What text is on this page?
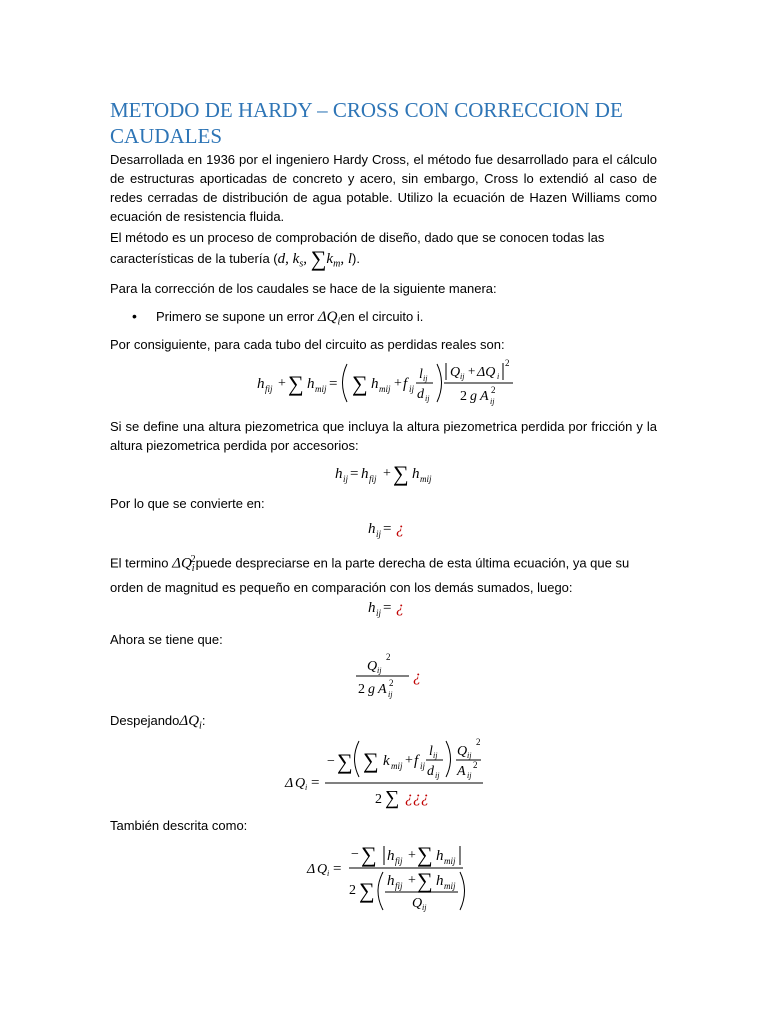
METODO DE HARDY – CROSS CON CORRECCION DE CAUDALES
Desarrollada en 1936 por el ingeniero Hardy Cross, el método fue desarrollado para el cálculo de estructuras aporticadas de concreto y acero, sin embargo, Cross lo extendió al caso de redes cerradas de distribución de agua potable. Utilizo la ecuación de Hazen Williams como ecuación de resistencia fluida.
El método es un proceso de comprobación de diseño, dado que se conocen todas las
características de la tubería (d, $k_s$, $\sum k_m$, l).
Para la corrección de los caudales se hace de la siguiente manera:
• Primero se supone un error $\Delta Q_ien$ el circuito i.
Por consiguiente, para cada tubo del circuito as perdidas reales son:
h fij + ∑ h mij = ∑ h mij + f ij
l ij
d ij
Q ij + ΔQ i
2
2 g A ij
2
Si se define una altura piezometrica que incluya la altura piezometrica perdida por fricción y la altura piezometrica perdida por accesorios:
h ij = h fij + ∑ h mij
Por lo que se convierte en:
h ij = ¿
El termino $\Delta Q_i^2puede$ despreciarse en la parte derecha de esta última ecuación, ya que su
orden de magnitud es pequeño en comparación con los demás sumados, luego:
h ij = ¿
Ahora se tiene que:
Q ij
2
2 g A ij
2 ¿
DespejandoΔQ$_i$:
Δ Q i =
− ∑ ∑ k mij + f ij
l ij
d ij
Q ij
2
A ij
2
2 ∑ ¿¿¿
También descrita como:
Δ Q i =
− ∑ h fij + ∑ h mij
2 ∑ h fij + ∑ h mij
Q ij
